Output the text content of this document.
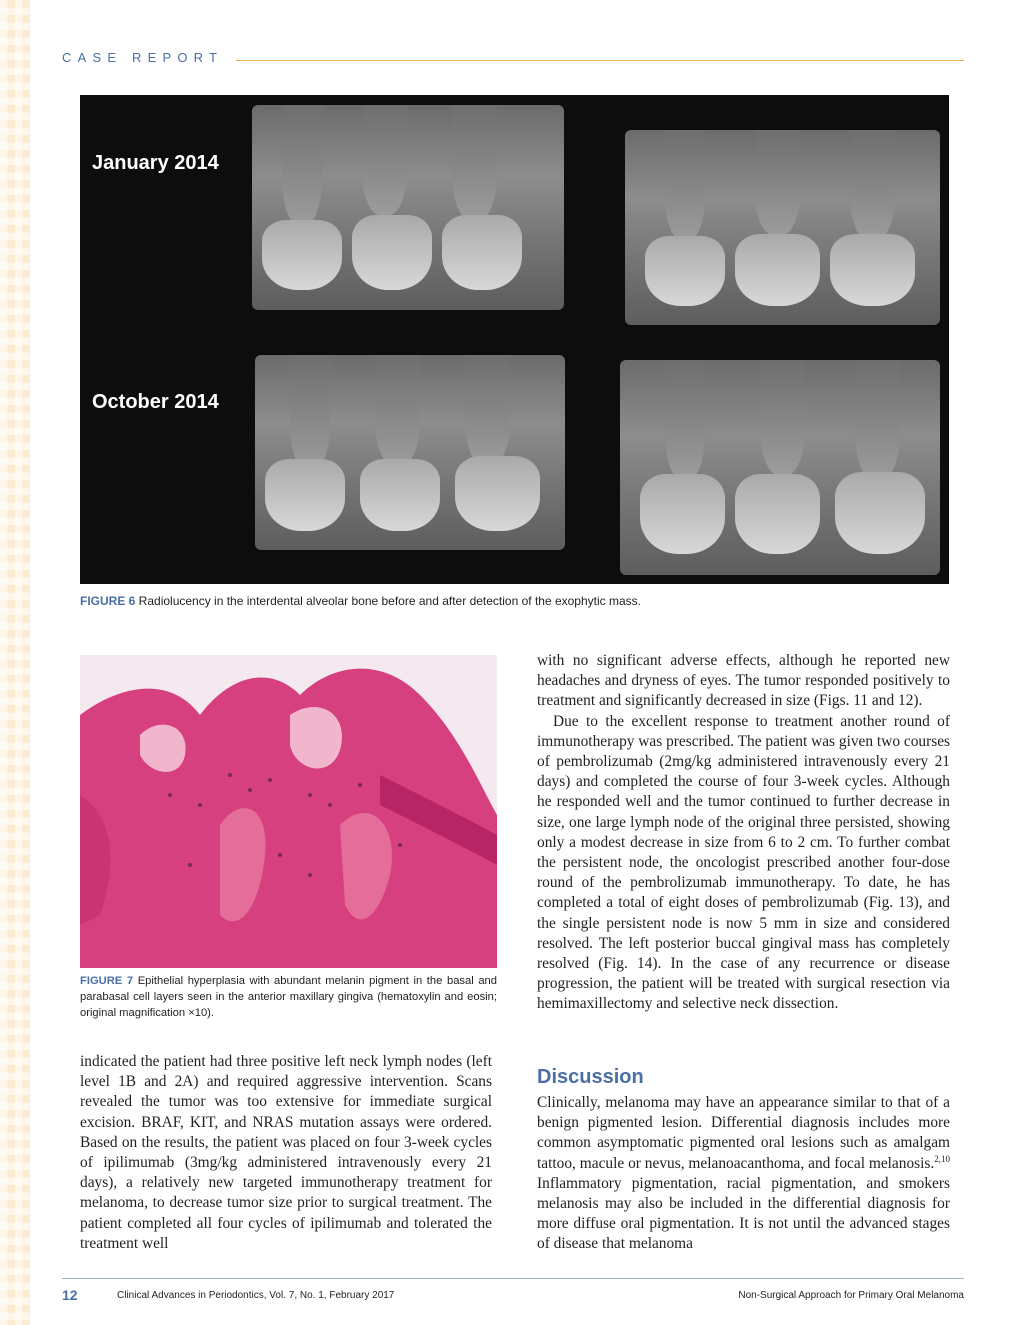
CASE REPORT
January 2014
October 2014
FIGURE 6 Radiolucency in the interdental alveolar bone before and after detection of the exophytic mass.
FIGURE 7 Epithelial hyperplasia with abundant melanin pigment in the basal and parabasal cell layers seen in the anterior maxillary gingiva (hematoxylin and eosin; original magnification ×10).

indicated the patient had three positive left neck lymph nodes (left level 1B and 2A) and required aggressive intervention. Scans revealed the tumor was too extensive for immediate surgical excision. BRAF, KIT, and NRAS mutation assays were ordered. Based on the results, the patient was placed on four 3-week cycles of ipilimumab (3mg/kg administered intravenously every 21 days), a relatively new targeted immunotherapy treatment for melanoma, to decrease tumor size prior to surgical treatment. The patient completed all four cycles of ipilimumab and tolerated the treatment well

with no significant adverse effects, although he reported new headaches and dryness of eyes. The tumor responded positively to treatment and significantly decreased in size (Figs. 11 and 12).

Due to the excellent response to treatment another round of immunotherapy was prescribed. The patient was given two courses of pembrolizumab (2mg/kg administered intravenously every 21 days) and completed the course of four 3-week cycles. Although he responded well and the tumor continued to further decrease in size, one large lymph node of the original three persisted, showing only a modest decrease in size from 6 to 2 cm. To further combat the persistent node, the oncologist prescribed another four-dose round of the pembrolizumab immunotherapy. To date, he has completed a total of eight doses of pembrolizumab (Fig. 13), and the single persistent node is now 5 mm in size and considered resolved. The left posterior buccal gingival mass has completely resolved (Fig. 14). In the case of any recurrence or disease progression, the patient will be treated with surgical resection via hemimaxillectomy and selective neck dissection.

Discussion

Clinically, melanoma may have an appearance similar to that of a benign pigmented lesion. Differential diagnosis includes more common asymptomatic pigmented oral lesions such as amalgam tattoo, macule or nevus, melanoacanthoma, and focal melanosis.$^{2,10}$ Inflammatory pigmentation, racial pigmentation, and smokers melanosis may also be included in the differential diagnosis for more diffuse oral pigmentation. It is not until the advanced stages of disease that melanoma

12	Clinical Advances in Periodontics, Vol. 7, No. 1, February 2017	Non-Surgical Approach for Primary Oral Melanoma
